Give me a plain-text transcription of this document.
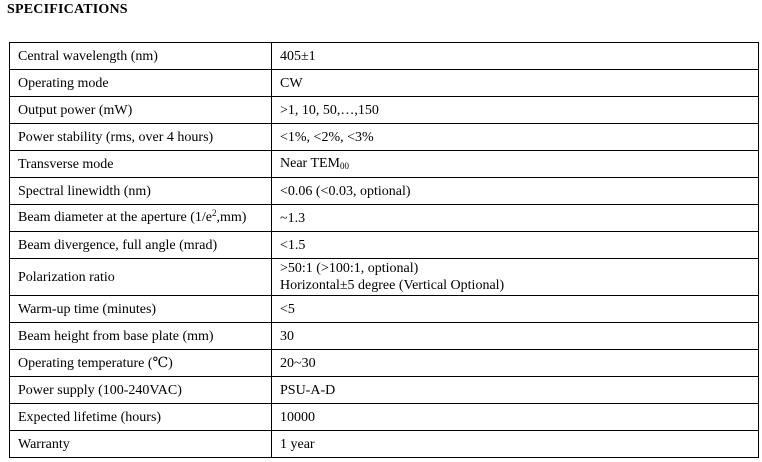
SPECIFICATIONS
Central wavelength (nm)	405±1
Operating mode	CW
Output power (mW)	>1, 10, 50,…,150
Power stability (rms, over 4 hours)	<1%, <2%, <3%
Transverse mode	Near $TEM_{00}$
Spectral linewidth (nm)	<0.06 (<0.03, optional)
Beam diameter at the aperture $(1/e^2,mm)$	~1.3
Beam divergence, full angle (mrad)	<1.5
Polarization ratio	>50:1 (>100:1, optional)
Horizontal±5 degree (Vertical Optional)

Warm-up time (minutes)	<5
Beam height from base plate (mm)	30
Operating temperature (℃)	20~30
Power supply (100-240VAC)	PSU-A-D
Expected lifetime (hours)	10000
Warranty	1 year
